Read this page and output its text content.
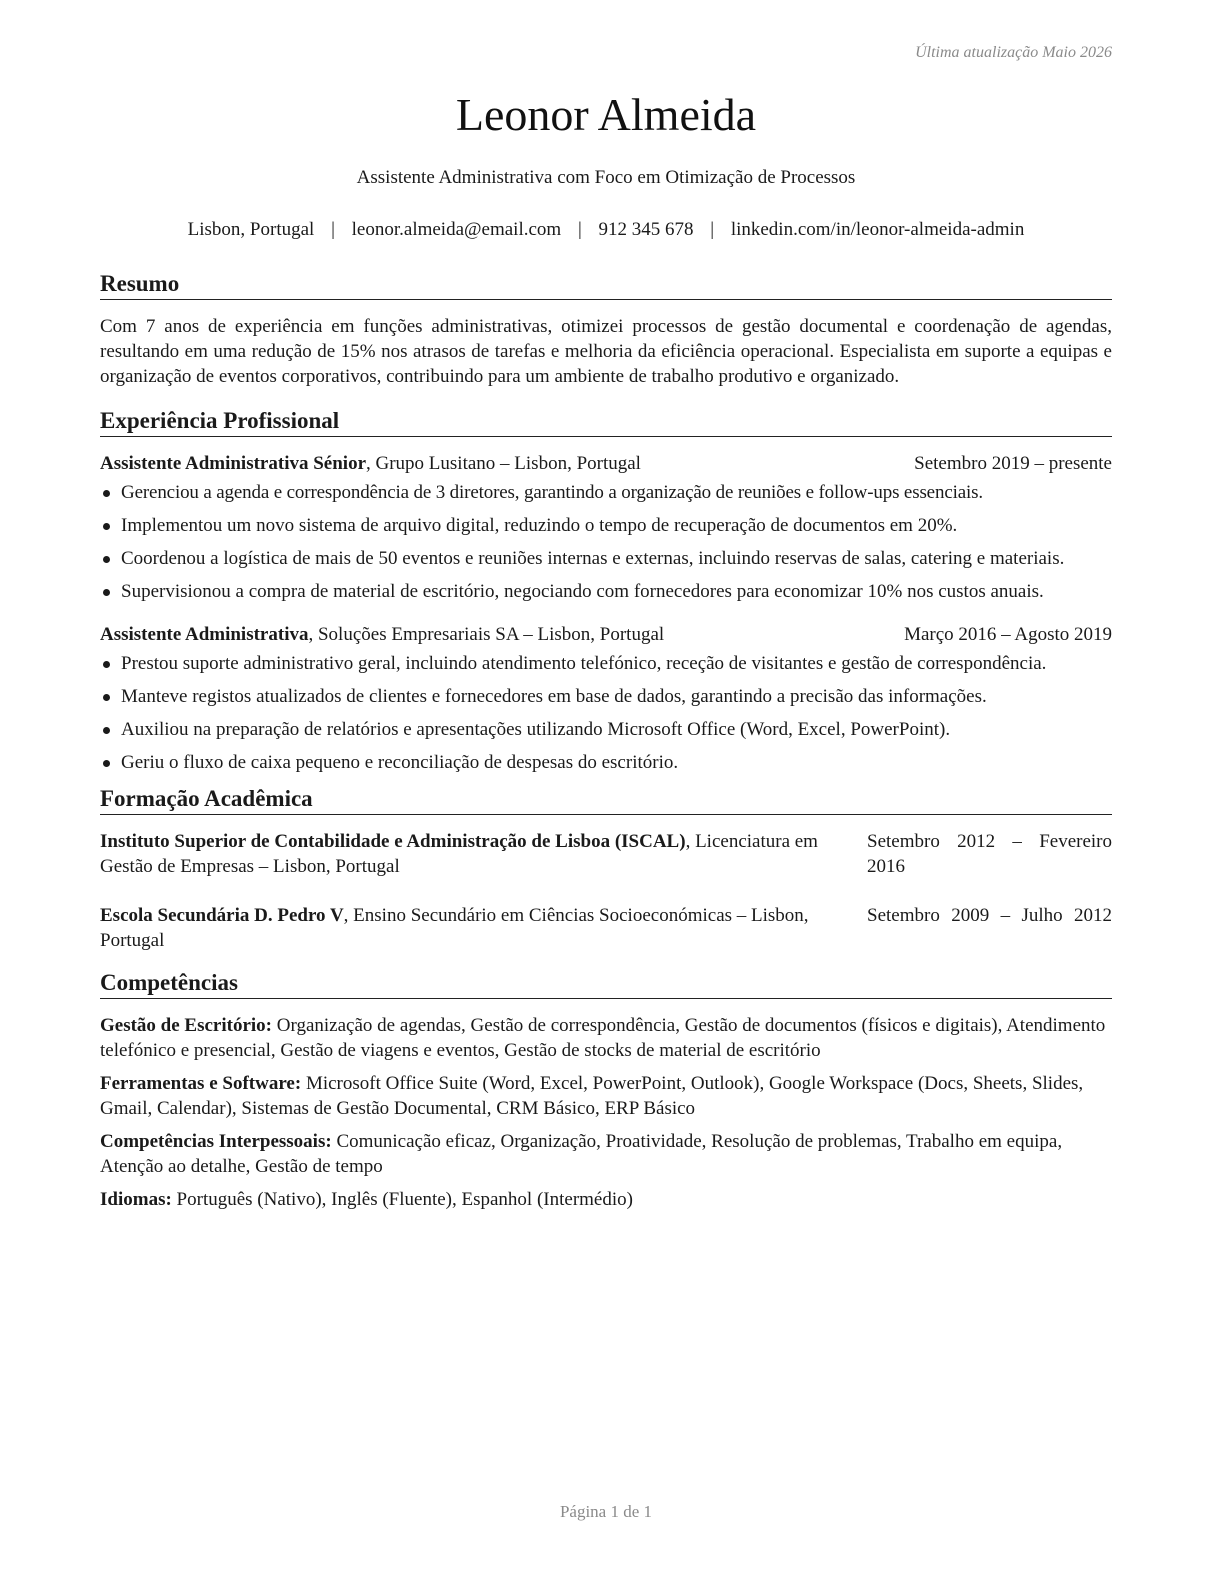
Última atualização Maio 2026
Leonor Almeida
Assistente Administrativa com Foco em Otimização de Processos
Lisbon, Portugal | leonor.almeida@email.com | 912 345 678 | linkedin.com/in/leonor-almeida-admin
Resumo

Com 7 anos de experiência em funções administrativas, otimizei processos de gestão documental e coordenação de agendas, resultando em uma redução de 15% nos atrasos de tarefas e melhoria da eficiência operacional. Especialista em suporte a equipas e organização de eventos corporativos, contribuindo para um ambiente de trabalho produtivo e organizado.

Experiência Profissional
Assistente Administrativa Sénior, Grupo Lusitano – Lisbon, Portugal	Setembro 2019 – presente
Gerenciou a agenda e correspondência de 3 diretores, garantindo a organização de reuniões e follow-ups essenciais.
Implementou um novo sistema de arquivo digital, reduzindo o tempo de recuperação de documentos em 20%.
Coordenou a logística de mais de 50 eventos e reuniões internas e externas, incluindo reservas de salas, catering e materiais.
Supervisionou a compra de material de escritório, negociando com fornecedores para economizar 10% nos custos anuais.
Assistente Administrativa, Soluções Empresariais SA – Lisbon, Portugal	Março 2016 – Agosto 2019
Prestou suporte administrativo geral, incluindo atendimento telefónico, receção de visitantes e gestão de correspondência.
Manteve registos atualizados de clientes e fornecedores em base de dados, garantindo a precisão das informações.
Auxiliou na preparação de relatórios e apresentações utilizando Microsoft Office (Word, Excel, PowerPoint).
Geriu o fluxo de caixa pequeno e reconciliação de despesas do escritório.
Formação Acadêmica
Instituto Superior de Contabilidade e Administração de Lisboa (ISCAL), Licenciatura em Gestão de Empresas – Lisbon, Portugal
Setembro 2012 – Fevereiro 2016
Escola Secundária D. Pedro V, Ensino Secundário em Ciências Socioeconómicas – Lisbon, Portugal
Setembro 2009 – Julho 2012
Competências
Gestão de Escritório: Organização de agendas, Gestão de correspondência, Gestão de documentos (físicos e digitais), Atendimento telefónico e presencial, Gestão de viagens e eventos, Gestão de stocks de material de escritório
Ferramentas e Software: Microsoft Office Suite (Word, Excel, PowerPoint, Outlook), Google Workspace (Docs, Sheets, Slides, Gmail, Calendar), Sistemas de Gestão Documental, CRM Básico, ERP Básico
Competências Interpessoais: Comunicação eficaz, Organização, Proatividade, Resolução de problemas, Trabalho em equipa, Atenção ao detalhe, Gestão de tempo
Idiomas: Português (Nativo), Inglês (Fluente), Espanhol (Intermédio)
Página 1 de 1
